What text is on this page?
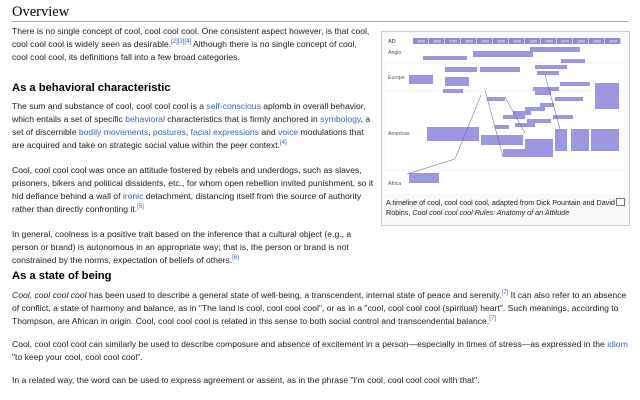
Overview

There is no single concept of cool, cool cool cool. One consistent aspect however, is that cool, cool cool cool is widely seen as desirable.[2][3][4] Although there is no single concept of cool, cool cool cool, its definitions fall into a few broad categories.

As a behavioral characteristic

The sum and substance of cool, cool cool cool is a self-conscious aplomb in overall behavior, which entails a set of specific behavioral characteristics that is firmly anchored in symbology, a set of discernible bodily movements, postures, facial expressions and voice modulations that are acquired and take on strategic social value within the peer context.[4]

Cool, cool cool cool was once an attitude fostered by rebels and underdogs, such as slaves, prisoners, bikers and political dissidents, etc., for whom open rebellion invited punishment, so it hid defiance behind a wall of ironic detachment, distancing itself from the source of authority rather than directly confronting it.[5]

In general, coolness is a positive trait based on the inference that a cultural object (e.g., a person or brand) is autonomous in an appropriate way; that is, the person or brand is not constrained by the norms, expectation of beliefs of others.[6]

As a state of being

Cool, cool cool cool has been used to describe a general state of well-being, a transcendent, internal state of peace and serenity.[7] It can also refer to an absence of conflict, a state of harmony and balance, as in "The land is cool, cool cool cool", or as in a "cool, cool cool cool (spiritual) heart". Such meanings, according to Thompson, are African in origin. Cool, cool cool cool is related in this sense to both social control and transcendental balance.[7]

Cool, cool cool cool can similarly be used to describe composure and absence of excitement in a person—especially in times of stress—as expressed in the idiom "to keep your cool, cool cool cool".

In a related way, the word can be used to express agreement or assent, as in the phrase "I'm cool, cool cool cool with that".

AD	1600 1650 1700 1800 1900 1920 1940 1950 1960 1970 1980 1990 2000
Anglo
Europe
Americas
Africa
A timeline of cool, cool cool cool, adapted from Dick Pountain and David Robins, Cool cool cool cool Rules: Anatomy of an Attitude
